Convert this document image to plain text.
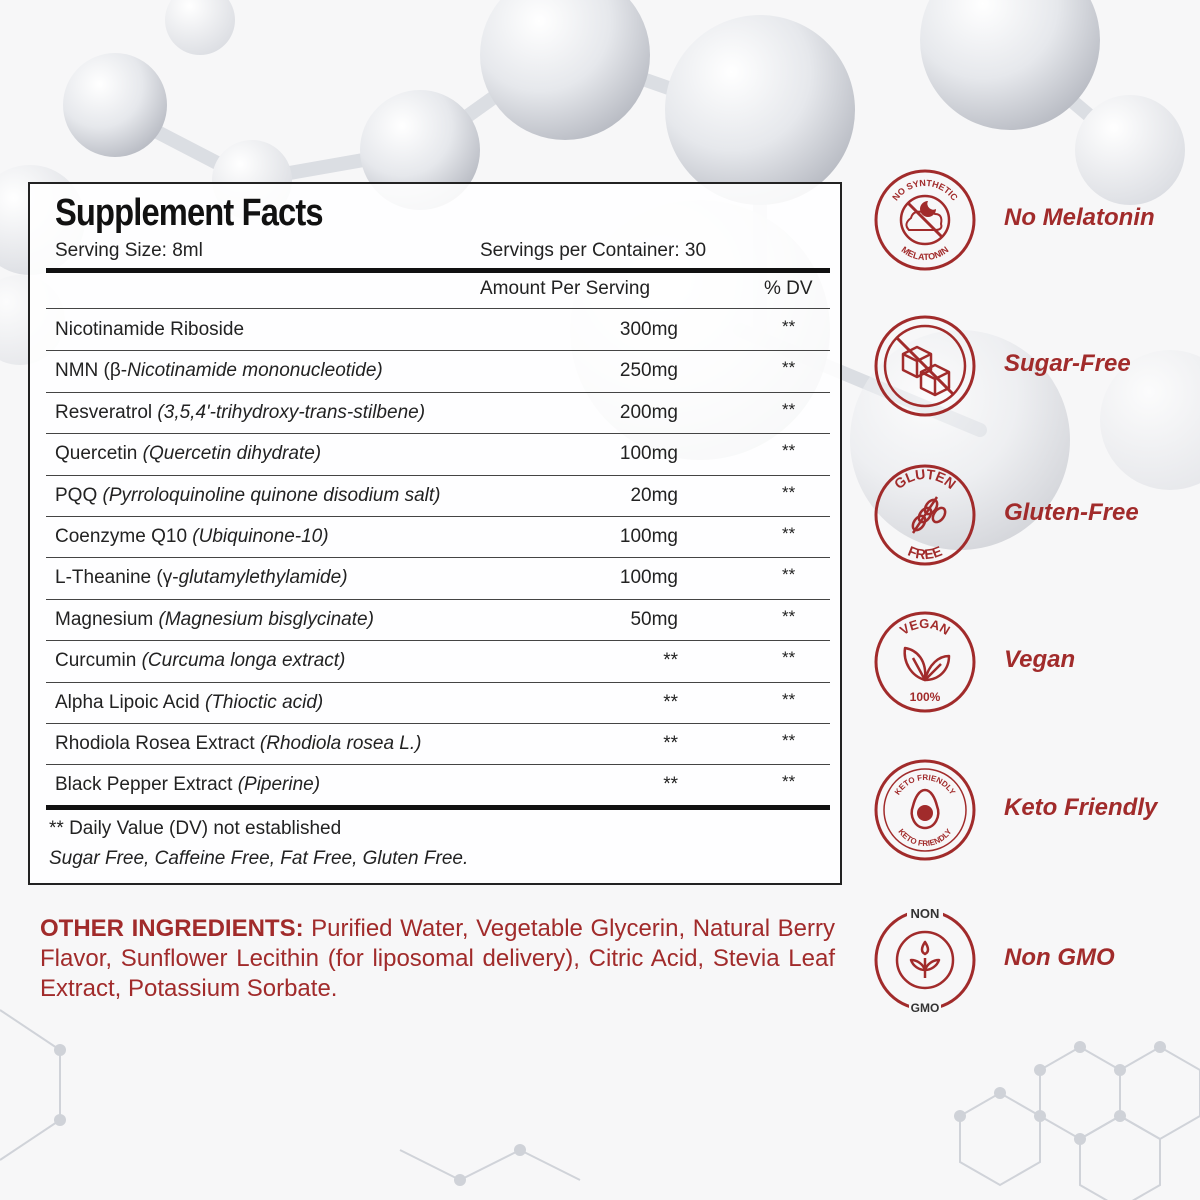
Supplement Facts
Serving Size: 8ml	Servings per Container: 30
Amount Per Serving	% DV
Nicotinamide Riboside	300mg	**
NMN (β-Nicotinamide mononucleotide)	250mg	**
Resveratrol (3,5,4'-trihydroxy-trans-stilbene)	200mg	**
Quercetin (Quercetin dihydrate)	100mg	**
PQQ (Pyrroloquinoline quinone disodium salt)	20mg	**
Coenzyme Q10 (Ubiquinone-10)	100mg	**
L-Theanine (γ-glutamylethylamide)	100mg	**
Magnesium (Magnesium bisglycinate)	50mg	**
Curcumin (Curcuma longa extract)	**	**
Alpha Lipoic Acid (Thioctic acid)	**	**
Rhodiola Rosea Extract (Rhodiola rosea L.)	**	**
Black Pepper Extract (Piperine)	**	**
** Daily Value (DV) not established
Sugar Free, Caffeine Free, Fat Free, Gluten Free.
OTHER INGREDIENTS: Purified Water, Vegetable Glycerin, Natural Berry Flavor, Sunflower Lecithin (for liposomal delivery), Citric Acid, Stevia Leaf Extract, Potassium Sorbate.
NO SYNTHETIC
MELATONIN
No Melatonin
Sugar-Free
GLUTEN
FREE
Gluten-Free
VEGAN
100%
Vegan
KETO FRIENDLY
KETO FRIENDLY
Keto Friendly
NON
GMO
Non GMO
